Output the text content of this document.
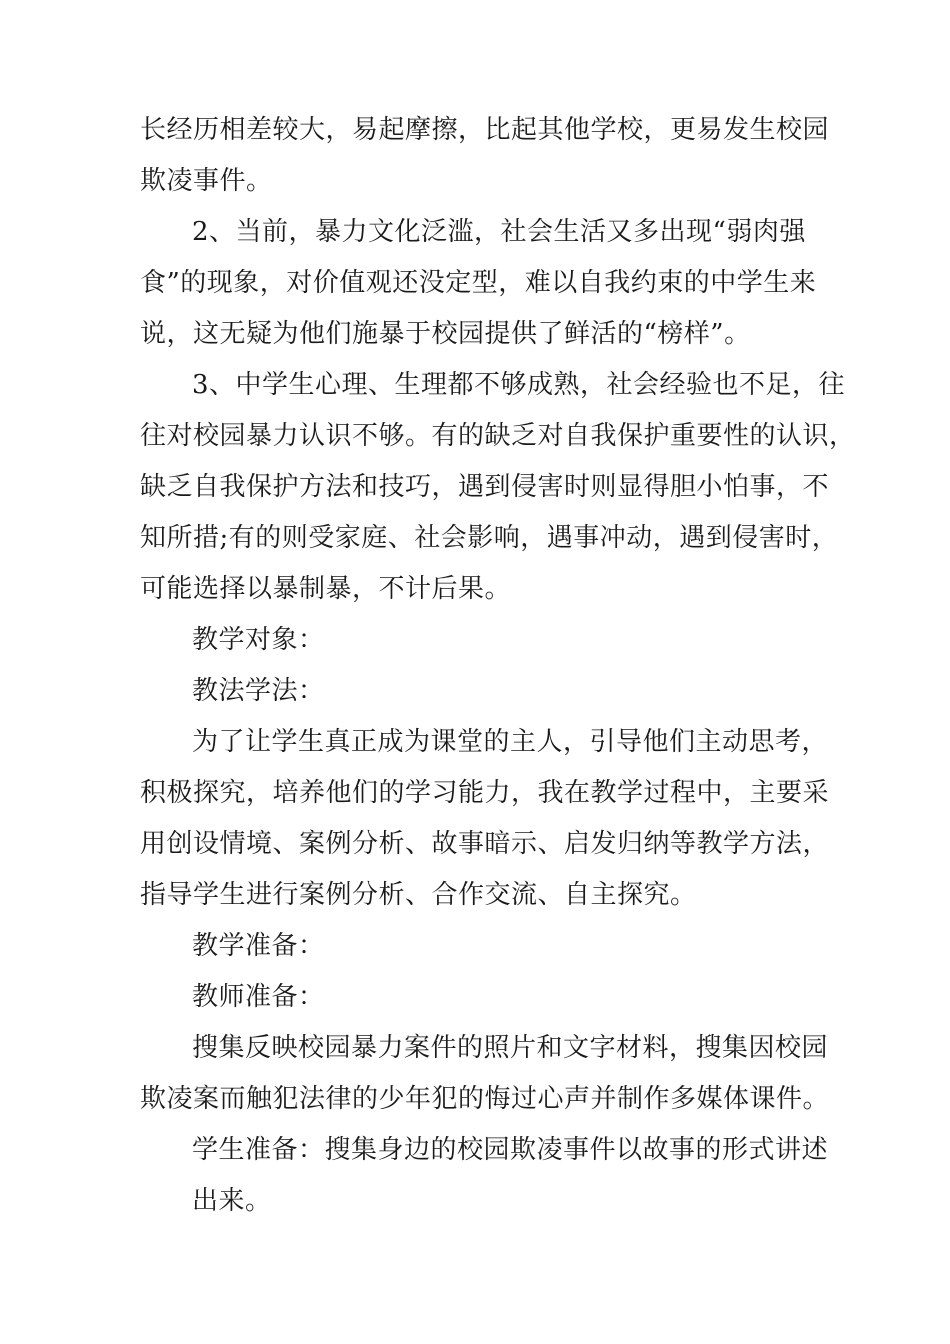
长经历相差较大，易起摩擦，比起其他学校，更易发生校园
欺凌事件。
2、当前，暴力文化泛滥，社会生活又多出现“弱肉强
食”的现象，对价值观还没定型，难以自我约束的中学生来
说，这无疑为他们施暴于校园提供了鲜活的“榜样”。
3、中学生心理、生理都不够成熟，社会经验也不足，往
往对校园暴力认识不够。有的缺乏对自我保护重要性的认识，
缺乏自我保护方法和技巧，遇到侵害时则显得胆小怕事，不
知所措;有的则受家庭、社会影响，遇事冲动，遇到侵害时，
可能选择以暴制暴，不计后果。
教学对象：
教法学法：
为了让学生真正成为课堂的主人，引导他们主动思考，
积极探究，培养他们的学习能力，我在教学过程中，主要采
用创设情境、案例分析、故事暗示、启发归纳等教学方法，
指导学生进行案例分析、合作交流、自主探究。
教学准备：
教师准备：
搜集反映校园暴力案件的照片和文字材料，搜集因校园
欺凌案而触犯法律的少年犯的悔过心声并制作多媒体课件。
学生准备：搜集身边的校园欺凌事件以故事的形式讲述
出来。
